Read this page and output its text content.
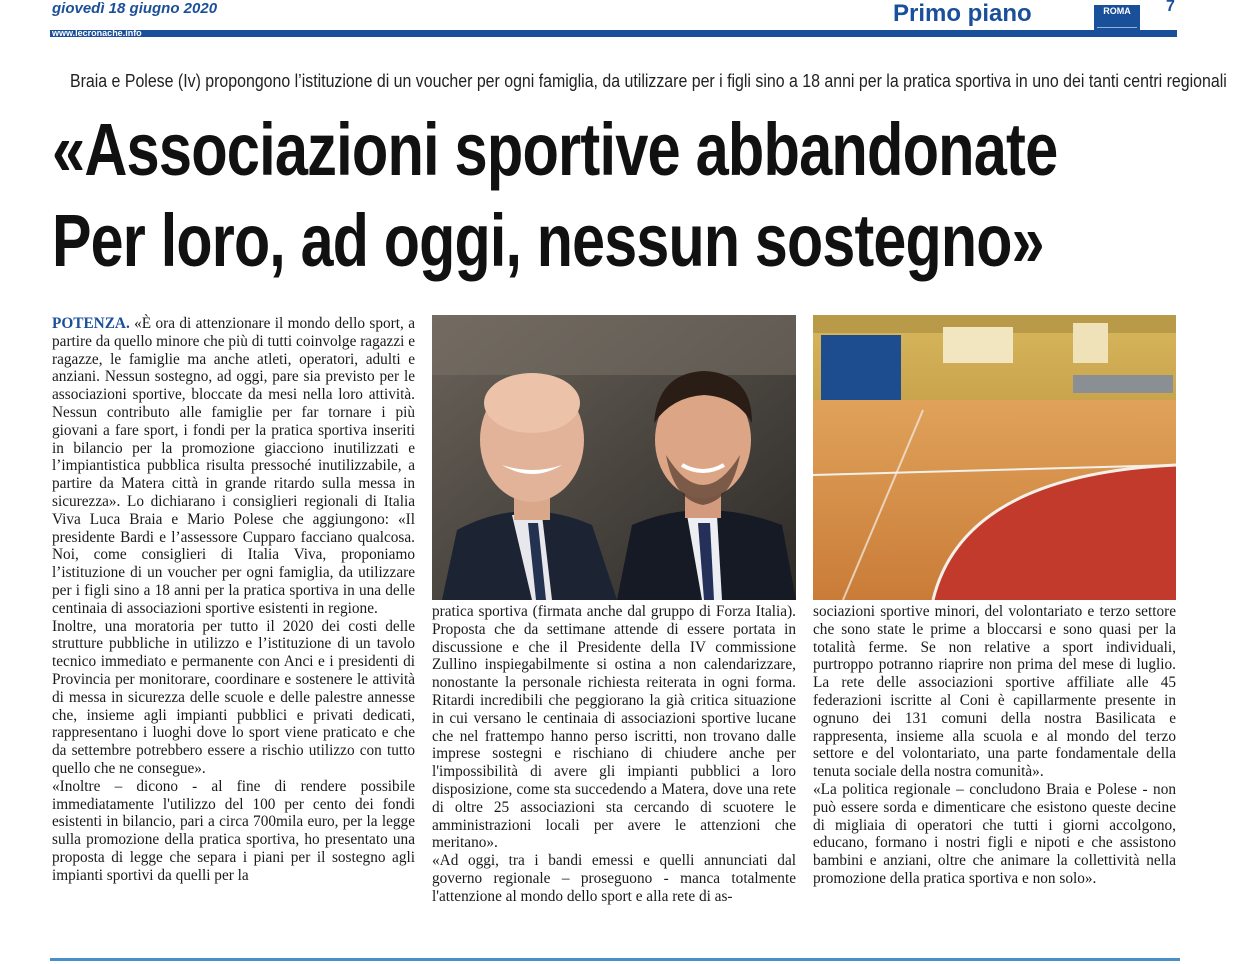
giovedì 18 giugno 2020	Primo piano	ROMA	7
www.lecronache.info
Braia e Polese (Iv) propongono l’istituzione di un voucher per ogni famiglia, da utilizzare per i figli sino a 18 anni per la pratica sportiva in uno dei tanti centri regionali
«Associazioni sportive abbandonate
Per loro, ad oggi, nessun sostegno»

POTENZA. «È ora di attenzionare il mondo dello sport, a partire da quello minore che più di tutti coinvolge ragazzi e ragazze, le famiglie ma anche atleti, operatori, adulti e anziani. Nessun sostegno, ad oggi, pare sia previsto per le associazioni sportive, bloccate da mesi nella loro attività. Nessun contributo alle famiglie per far tornare i più giovani a fare sport, i fondi per la pratica sportiva inseriti in bilancio per la promozione giacciono inutilizzati e l’impiantistica pubblica risulta pressoché inutilizzabile, a partire da Matera città in grande ritardo sulla messa in sicurezza». Lo dichiarano i consiglieri regionali di Italia Viva Luca Braia e Mario Polese che aggiungono: «Il presidente Bardi e l’assessore Cupparo facciano qualcosa. Noi, come consiglieri di Italia Viva, proponiamo l’istituzione di un voucher per ogni famiglia, da utilizzare per i figli sino a 18 anni per la pratica sportiva in una delle centinaia di associazioni sportive esistenti in regione.

Inoltre, una moratoria per tutto il 2020 dei costi delle strutture pubbliche in utilizzo e l’istituzione di un tavolo tecnico immediato e permanente con Anci e i presidenti di Provincia per monitorare, coordinare e sostenere le attività di messa in sicurezza delle scuole e delle palestre annesse che, insieme agli impianti pubblici e privati dedicati, rappresentano i luoghi dove lo sport viene praticato e che da settembre potrebbero essere a rischio utilizzo con tutto quello che ne consegue».

«Inoltre – dicono - al fine di rendere possibile immediatamente l'utilizzo del 100 per cento dei fondi esistenti in bilancio, pari a circa 700mila euro, per la legge sulla promozione della pratica sportiva, ho presentato una proposta di legge che separa i piani per il sostegno agli impianti sportivi da quelli per la

pratica sportiva (firmata anche dal gruppo di Forza Italia). Proposta che da settimane attende di essere portata in discussione e che il Presidente della IV commissione Zullino inspiegabilmente si ostina a non calendarizzare, nonostante la personale richiesta reiterata in ogni forma. Ritardi incredibili che peggiorano la già critica situazione in cui versano le centinaia di associazioni sportive lucane che nel frattempo hanno perso iscritti, non trovano dalle imprese sostegni e rischiano di chiudere anche per l'impossibilità di avere gli impianti pubblici a loro disposizione, come sta succedendo a Matera, dove una rete di oltre 25 associazioni sta cercando di scuotere le amministrazioni locali per avere le attenzioni che meritano».

«Ad oggi, tra i bandi emessi e quelli annunciati dal governo regionale – proseguono - manca totalmente l'attenzione al mondo dello sport e alla rete di as-

sociazioni sportive minori, del volontariato e terzo settore che sono state le prime a bloccarsi e sono quasi per la totalità ferme. Se non relative a sport individuali, purtroppo potranno riaprire non prima del mese di luglio. La rete delle associazioni sportive affiliate alle 45 federazioni iscritte al Coni è capillarmente presente in ognuno dei 131 comuni della nostra Basilicata e rappresenta, insieme alla scuola e al mondo del terzo settore e del volontariato, una parte fondamentale della tenuta sociale della nostra comunità».

«La politica regionale – concludono Braia e Polese - non può essere sorda e dimenticare che esistono queste decine di migliaia di operatori che tutti i giorni accolgono, educano, formano i nostri figli e nipoti e che assistono bambini e anziani, oltre che animare la collettività nella promozione della pratica sportiva e non solo».
